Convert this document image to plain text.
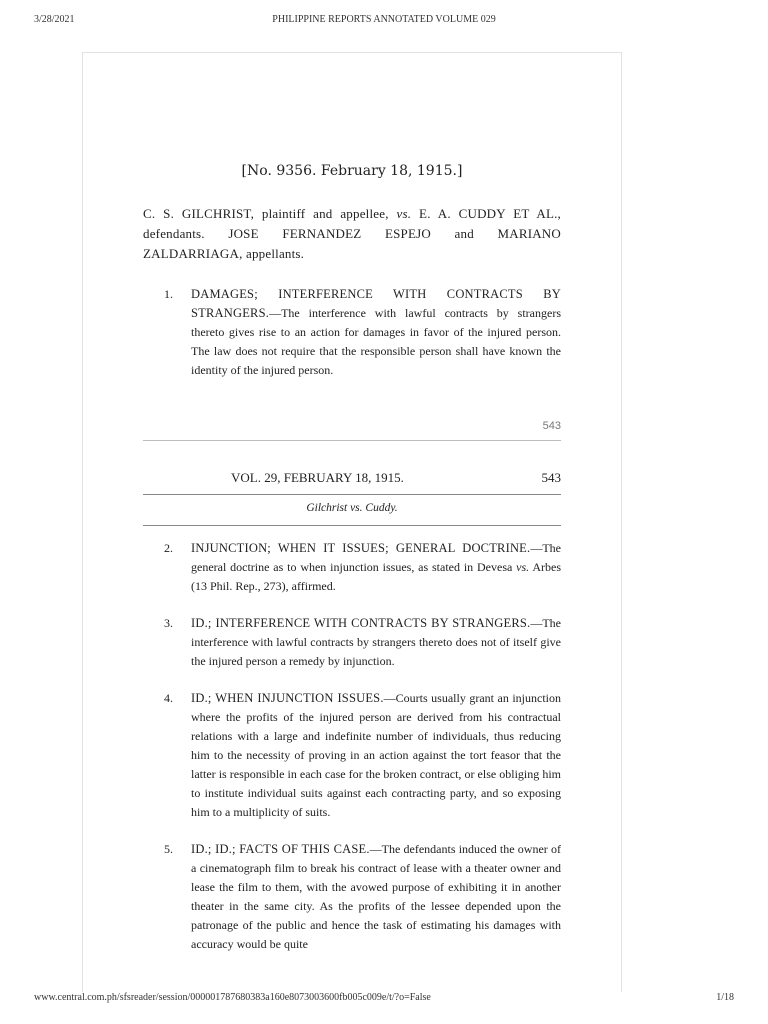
3/28/2021	PHILIPPINE REPORTS ANNOTATED VOLUME 029
[No. 9356. February 18, 1915.]
C. S. GILCHRIST, plaintiff and appellee, vs. E. A. CUDDY ET AL., defendants. JOSE FERNANDEZ ESPEJO and MARIANO ZALDARRIAGA, appellants.
1. DAMAGES; INTERFERENCE WITH CONTRACTS BY STRANGERS.—The interference with lawful contracts by strangers thereto gives rise to an action for damages in favor of the injured person. The law does not require that the responsible person shall have known the identity of the injured person.
543
VOL. 29, FEBRUARY 18, 1915.	543
Gilchrist vs. Cuddy.
2. INJUNCTION; WHEN IT ISSUES; GENERAL DOCTRINE.—The general doctrine as to when injunction issues, as stated in Devesa vs. Arbes (13 Phil. Rep., 273), affirmed.
3. ID.; INTERFERENCE WITH CONTRACTS BY STRANGERS.—The interference with lawful contracts by strangers thereto does not of itself give the injured person a remedy by injunction.
4. ID.; WHEN INJUNCTION ISSUES.—Courts usually grant an injunction where the profits of the injured person are derived from his contractual relations with a large and indefinite number of individuals, thus reducing him to the necessity of proving in an action against the tort feasor that the latter is responsible in each case for the broken contract, or else obliging him to institute individual suits against each contracting party, and so exposing him to a multiplicity of suits.
5. ID.; ID.; FACTS OF THIS CASE.—The defendants induced the owner of a cinematograph film to break his contract of lease with a theater owner and lease the film to them, with the avowed purpose of exhibiting it in another theater in the same city. As the profits of the lessee depended upon the patronage of the public and hence the task of estimating his damages with accuracy would be quite
www.central.com.ph/sfsreader/session/000001787680383a160e8073003600fb005c009e/t/?o=False	1/18
